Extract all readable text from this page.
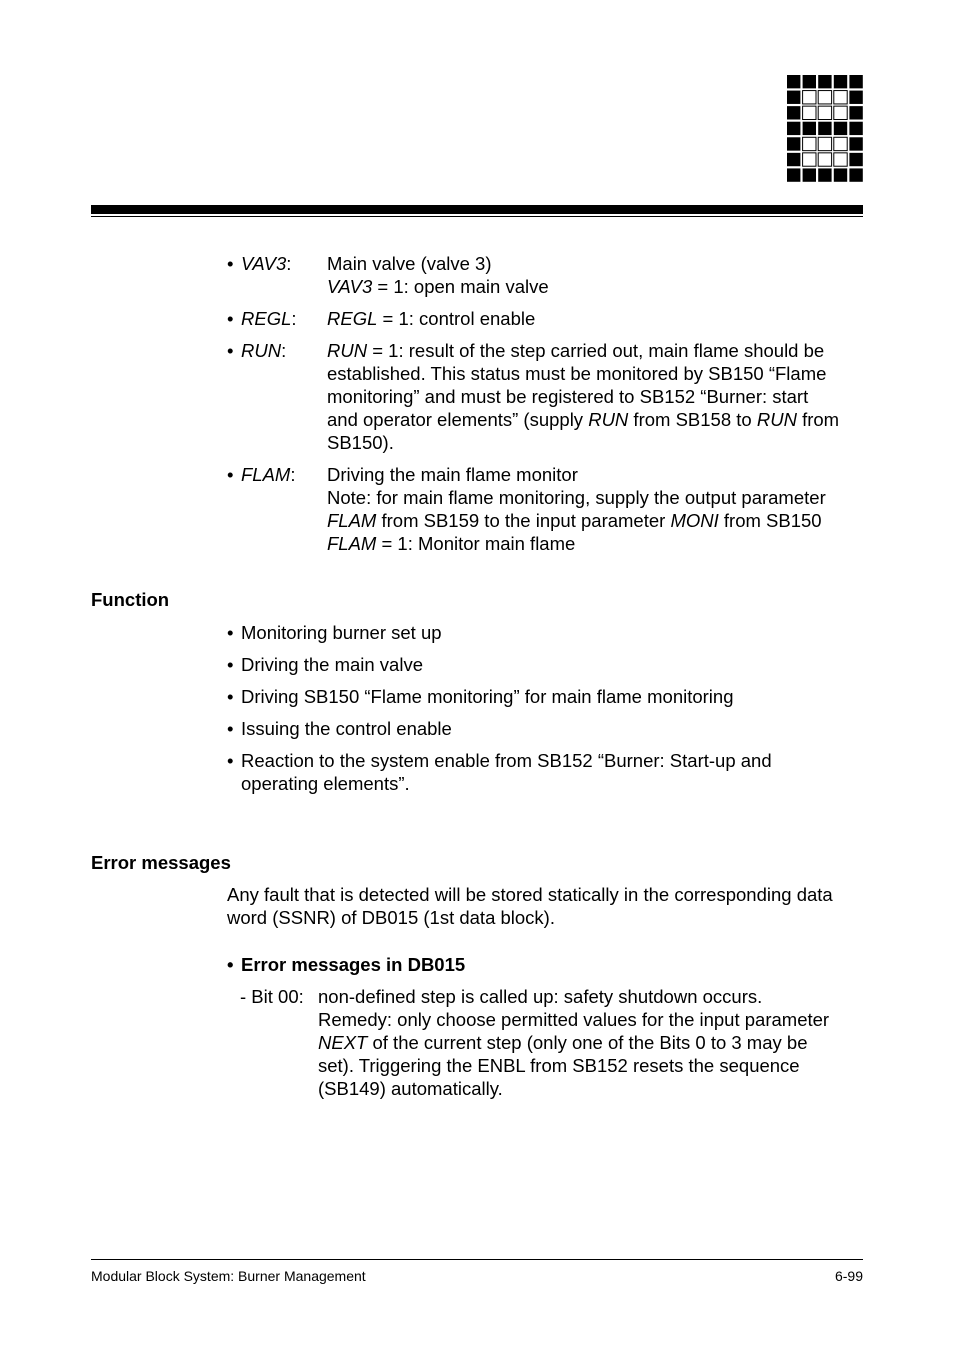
• VAV3: Main valve (valve 3)
VAV3 = 1: open main valve
• REGL: REGL = 1: control enable
• RUN: RUN = 1: result of the step carried out, main flame should be
established. This status must be monitored by SB150 “Flame
monitoring” and must be registered to SB152 “Burner: start
and operator elements” (supply RUN from SB158 to RUN from
SB150).
• FLAM: Driving the main flame monitor
Note: for main flame monitoring, supply the output parameter
FLAM from SB159 to the input parameter MONI from SB150
FLAM = 1: Monitor main flame
Function
• Monitoring burner set up
• Driving the main valve
• Driving SB150 “Flame monitoring” for main flame monitoring
• Issuing the control enable
• Reaction to the system enable from SB152 “Burner: Start-up and
operating elements”.
Error messages
Any fault that is detected will be stored statically in the corresponding data
word (SSNR) of DB015 (1st data block).
• Error messages in DB015
- Bit 00: non-defined step is called up: safety shutdown occurs.
Remedy: only choose permitted values for the input parameter
NEXT of the current step (only one of the Bits 0 to 3 may be
set). Triggering the ENBL from SB152 resets the sequence
(SB149) automatically.
Modular Block System: Burner Management	6-99
